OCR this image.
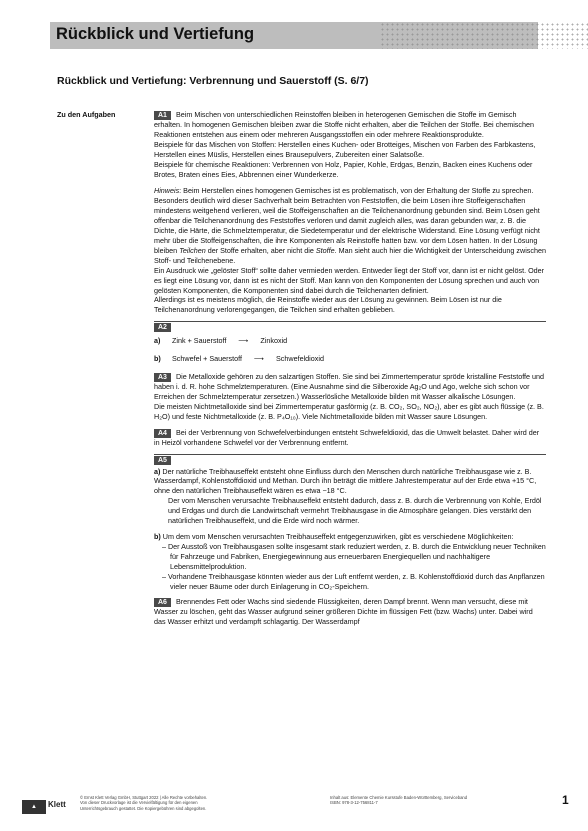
Rückblick und Vertiefung
Rückblick und Vertiefung: Verbrennung und Sauerstoff (S. 6/7)
Zu den Aufgaben	A1 Beim Mischen von unterschiedlichen Reinstoffen bleiben in heterogenen Gemischen die Stoffe im Gemisch erhalten. In homogenen Gemischen bleiben zwar die Stoffe nicht erhalten, aber die Teilchen der Stoffe. Bei chemischen Reaktionen entstehen aus einem oder mehreren Ausgangsstoffen ein oder mehrere Reaktionsprodukte.

Beispiele für das Mischen von Stoffen: Herstellen eines Kuchen- oder Brotteiges, Mischen von Farben des Farbkastens, Herstellen eines Müslis, Herstellen eines Brausepulvers, Zubereiten einer Salatsoße.

Beispiele für chemische Reaktionen: Verbrennen von Holz, Papier, Kohle, Erdgas, Benzin, Backen eines Kuchens oder Brotes, Braten eines Eies, Abbrennen einer Wunderkerze.

Hinweis: Beim Herstellen eines homogenen Gemisches ist es problematisch, von der Erhaltung der Stoffe zu sprechen.

Besonders deutlich wird dieser Sachverhalt beim Betrachten von Feststoffen, die beim Lösen ihre Stoffeigenschaften mindestens weitgehend verlieren, weil die Stoffeigenschaften an die Teilchenanordnung gebunden sind. Beim Lösen geht offenbar die Teilchenanordnung des Feststoffes verloren und damit zugleich alles, was daran gebunden war, z. B. die Dichte, die Härte, die Schmelztemperatur, die Siedetemperatur und der elektrische Widerstand. Eine Lösung verfügt nicht mehr über die Stoffeigenschaften, die ihre Komponenten als Reinstoffe hatten bzw. vor dem Lösen hatten. In der Lösung bleiben Teilchen der Stoffe erhalten, aber nicht die Stoffe. Man sieht auch hier die Wichtigkeit der Unterscheidung zwischen Stoff- und Teilchenebene.

Ein Ausdruck wie „gelöster Stoff“ sollte daher vermieden werden. Entweder liegt der Stoff vor, dann ist er nicht gelöst. Oder es liegt eine Lösung vor, dann ist es nicht der Stoff. Man kann von den Komponenten der Lösung sprechen und auch von gelösten Komponenten, die Komponenten sind dabei durch die Teilchenarten definiert.

Allerdings ist es meistens möglich, die Reinstoffe wieder aus der Lösung zu gewinnen. Beim Lösen ist nur die Teilchenanordnung verlorengegangen, die Teilchen sind erhalten geblieben.

A2
a)	Zink + Sauerstoff	⟶	Zinkoxid
b)	Schwefel + Sauerstoff	⟶	Schwefeldioxid

A3 Die Metalloxide gehören zu den salzartigen Stoffen. Sie sind bei Zimmertemperatur spröde kristalline Feststoffe und haben i. d. R. hohe Schmelztemperaturen. (Eine Ausnahme sind die Silberoxide Ag₂O und Ago, welche sich schon vor Erreichen der Schmelztemperatur zersetzen.) Wasserlösliche Metalloxide bilden mit Wasser alkalische Lösungen.

Die meisten Nichtmetalloxide sind bei Zimmertemperatur gasförmig (z. B. CO₂, SO₂, NO₂), aber es gibt auch flüssige (z. B. H₂O) und feste Nichtmetalloxide (z. B. P₄O₁₀). Viele Nichtmetalloxide bilden mit Wasser saure Lösungen.

A4 Bei der Verbrennung von Schwefelverbindungen entsteht Schwefeldioxid, das die Umwelt belastet. Daher wird der in Heizöl vorhandene Schwefel vor der Verbrennung entfernt.

A5

a) Der natürliche Treibhauseffekt entsteht ohne Einfluss durch den Menschen durch natürliche Treibhausgase wie z. B. Wasserdampf, Kohlenstoffdioxid und Methan. Durch ihn beträgt die mittlere Jahrestemperatur auf der Erde etwa +15 °C, ohne den natürlichen Treibhauseffekt wären es etwa −18 °C.

Der vom Menschen verursachte Treibhauseffekt entsteht dadurch, dass z. B. durch die Verbrennung von Kohle, Erdöl und Erdgas und durch die Landwirtschaft vermehrt Treibhausgase in die Atmosphäre gelangen. Dies verstärkt den natürlichen Treibhauseffekt, und die Erde wird noch wärmer.

b) Um dem vom Menschen verursachten Treibhauseffekt entgegenzuwirken, gibt es verschiedene Möglichkeiten:

– Der Ausstoß von Treibhausgasen sollte insgesamt stark reduziert werden, z. B. durch die Entwicklung neuer Techniken für Fahrzeuge und Fabriken, Energiegewinnung aus erneuerbaren Energiequellen und nachhaltigere Lebensmittelproduktion.

– Vorhandene Treibhausgase könnten wieder aus der Luft entfernt werden, z. B. Kohlenstoffdioxid durch das Anpflanzen vieler neuer Bäume oder durch Einlagerung in CO₂-Speichern.

A6 Brennendes Fett oder Wachs sind siedende Flüssigkeiten, deren Dampf brennt. Wenn man versucht, diese mit Wasser zu löschen, geht das Wasser aufgrund seiner größeren Dichte im flüssigen Fett (bzw. Wachs) unter. Dabei wird das Wasser erhitzt und verdampft schlagartig. Der Wasserdampf

▲	Klett
© Ernst Klett Verlag GmbH, Stuttgart 2022 | Alle Rechte vorbehalten.
Von dieser Druckvorlage ist die Vervielfältigung für den eigenen
Unterrichtsgebrauch gestattet. Die Kopiergebühren sind abgegolten.
Inhalt aus: Elemente Chemie Kursstufe Baden-Württemberg, Serviceband
ISBN: 978-3-12-756811-7	1
